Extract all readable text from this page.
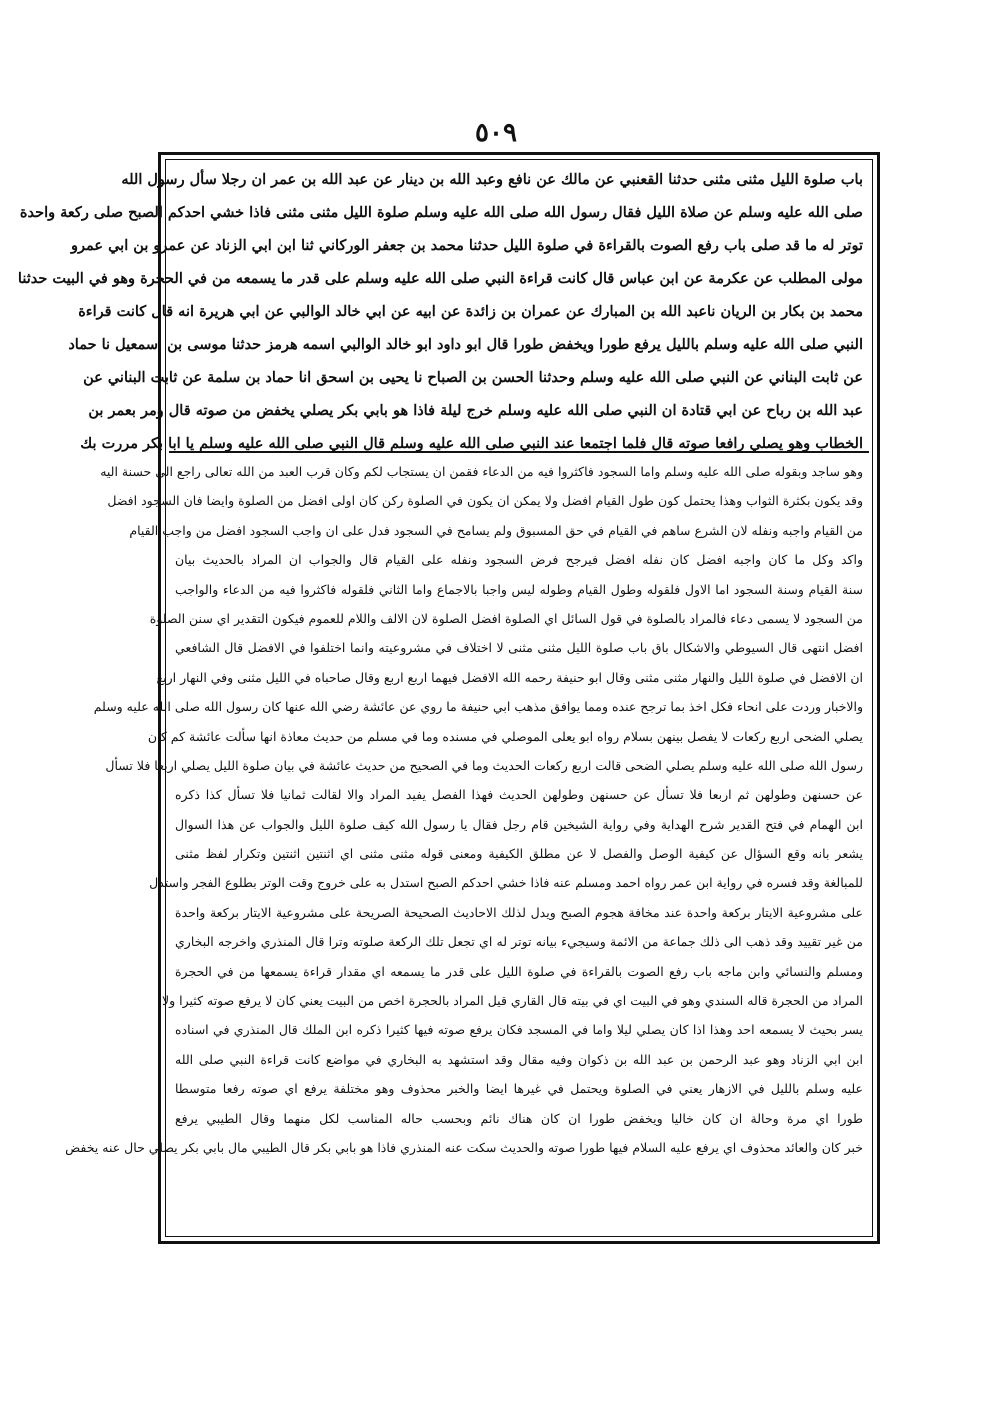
٥٠٩
باب صلوة الليل مثنى مثنى حدثنا القعنبي عن مالك عن نافع وعبد الله بن دينار عن عبد الله بن عمر ان رجلا سأل رسول الله
صلى الله عليه وسلم عن صلاة الليل فقال رسول الله صلى الله عليه وسلم صلوة الليل مثنى مثنى فاذا خشي احدكم الصبح صلى ركعة واحدة
توتر له ما قد صلى باب رفع الصوت بالقراءة في صلوة الليل حدثنا محمد بن جعفر الوركاني ثنا ابن ابي الزناد عن عمرو بن ابي عمرو
مولى المطلب عن عكرمة عن ابن عباس قال كانت قراءة النبي صلى الله عليه وسلم على قدر ما يسمعه من في الحجرة وهو في البيت حدثنا
محمد بن بكار بن الريان ناعبد الله بن المبارك عن عمران بن زائدة عن ابيه عن ابي خالد الوالبي عن ابي هريرة انه قال كانت قراءة
النبي صلى الله عليه وسلم بالليل يرفع طورا ويخفض طورا قال ابو داود ابو خالد الوالبي اسمه هرمز حدثنا موسى بن اسمعيل نا حماد
عن ثابت البناني عن النبي صلى الله عليه وسلم وحدثنا الحسن بن الصباح نا يحيى بن اسحق انا حماد بن سلمة عن ثابت البناني عن
عبد الله بن رباح عن ابي قتادة ان النبي صلى الله عليه وسلم خرج ليلة فاذا هو بابي بكر يصلي يخفض من صوته قال ومر بعمر بن
الخطاب وهو يصلي رافعا صوته قال فلما اجتمعا عند النبي صلى الله عليه وسلم قال النبي صلى الله عليه وسلم يا ابا بكر مررت بك
وهو ساجد وبقوله صلى الله عليه وسلم واما السجود فاكثروا فيه من الدعاء فقمن ان يستجاب لكم وكان قرب العبد من الله تعالى راجع الى حسنة اليه
وقد يكون بكثرة الثواب وهذا يحتمل كون طول القيام افضل ولا يمكن ان يكون في الصلوة ركن كان اولى افضل من الصلوة وايضا فان السجود افضل
من القيام واجبه ونفله لان الشرع ساهم في القيام في حق المسبوق ولم يسامح في السجود فدل على ان واجب السجود افضل من واجب القيام
واكد وكل ما كان واجبه افضل كان نفله افضل فيرجح فرض السجود ونفله على القيام قال والجواب ان المراد بالحديث بيان
سنة القيام وسنة السجود اما الاول فلقوله وطول القيام وطوله ليس واجبا بالاجماع واما الثاني فلقوله فاكثروا فيه من الدعاء والواجب
من السجود لا يسمى دعاء فالمراد بالصلوة في قول السائل اي الصلوة افضل الصلوة لان الالف واللام للعموم فيكون التقدير اي سنن الصلوة
افضل انتهى قال السيوطي والاشكال باق باب صلوة الليل مثنى مثنى لا اختلاف في مشروعيته وانما اختلفوا في الافضل قال الشافعي
ان الافضل في صلوة الليل والنهار مثنى مثنى وقال ابو حنيفة رحمه الله الافضل فيهما اربع اربع وقال صاحباه في الليل مثنى وفي النهار اربع
والاخبار وردت على انحاء فكل اخذ بما ترجح عنده ومما يوافق مذهب ابي حنيفة ما روي عن عائشة رضي الله عنها كان رسول الله صلى الله عليه وسلم
يصلي الضحى اربع ركعات لا يفصل بينهن بسلام رواه ابو يعلى الموصلي في مسنده وما في مسلم من حديث معاذة انها سألت عائشة كم كان
رسول الله صلى الله عليه وسلم يصلي الضحى قالت اربع ركعات الحديث وما في الصحيح من حديث عائشة في بيان صلوة الليل يصلي اربعا فلا تسأل
عن حسنهن وطولهن ثم اربعا فلا تسأل عن حسنهن وطولهن الحديث فهذا الفصل يفيد المراد والا لقالت ثمانيا فلا تسأل كذا ذكره
ابن الهمام في فتح القدير شرح الهداية وفي رواية الشيخين قام رجل فقال يا رسول الله كيف صلوة الليل والجواب عن هذا السوال
يشعر بانه وقع السؤال عن كيفية الوصل والفصل لا عن مطلق الكيفية ومعنى قوله مثنى مثنى اي اثنتين اثنتين وتكرار لفظ مثنى
للمبالغة وقد فسره في رواية ابن عمر رواه احمد ومسلم عنه فاذا خشي احدكم الصبح استدل به على خروج وقت الوتر بطلوع الفجر واستدل
على مشروعية الايتار بركعة واحدة عند مخافة هجوم الصبح ويدل لذلك الاحاديث الصحيحة الصريحة على مشروعية الايتار بركعة واحدة
من غير تقييد وقد ذهب الى ذلك جماعة من الائمة وسيجيء بيانه توتر له اي تجعل تلك الركعة صلوته وترا قال المنذري واخرجه البخاري
ومسلم والنسائي وابن ماجه باب رفع الصوت بالقراءة في صلوة الليل على قدر ما يسمعه اي مقدار قراءة يسمعها من في الحجرة
المراد من الحجرة قاله السندي وهو في البيت اي في بيته قال القاري قيل المراد بالحجرة اخص من البيت يعني كان لا يرفع صوته كثيرا ولا
يسر بحيث لا يسمعه احد وهذا اذا كان يصلي ليلا واما في المسجد فكان يرفع صوته فيها كثيرا ذكره ابن الملك قال المنذري في اسناده
ابن ابي الزناد وهو عبد الرحمن بن عبد الله بن ذكوان وفيه مقال وقد استشهد به البخاري في مواضع كانت قراءة النبي صلى الله
عليه وسلم بالليل في الازهار يعني في الصلوة ويحتمل في غيرها ايضا والخبر محذوف وهو مختلفة يرفع اي صوته رفعا متوسطا
طورا اي مرة وحالة ان كان خاليا ويخفض طورا ان كان هناك نائم وبحسب حاله المناسب لكل منهما وقال الطيبي يرفع
خبر كان والعائد محذوف اي يرفع عليه السلام فيها طورا صوته والحديث سكت عنه المنذري فاذا هو بابي بكر قال الطيبي مال بابي بكر يصلي حال عنه يخفض
